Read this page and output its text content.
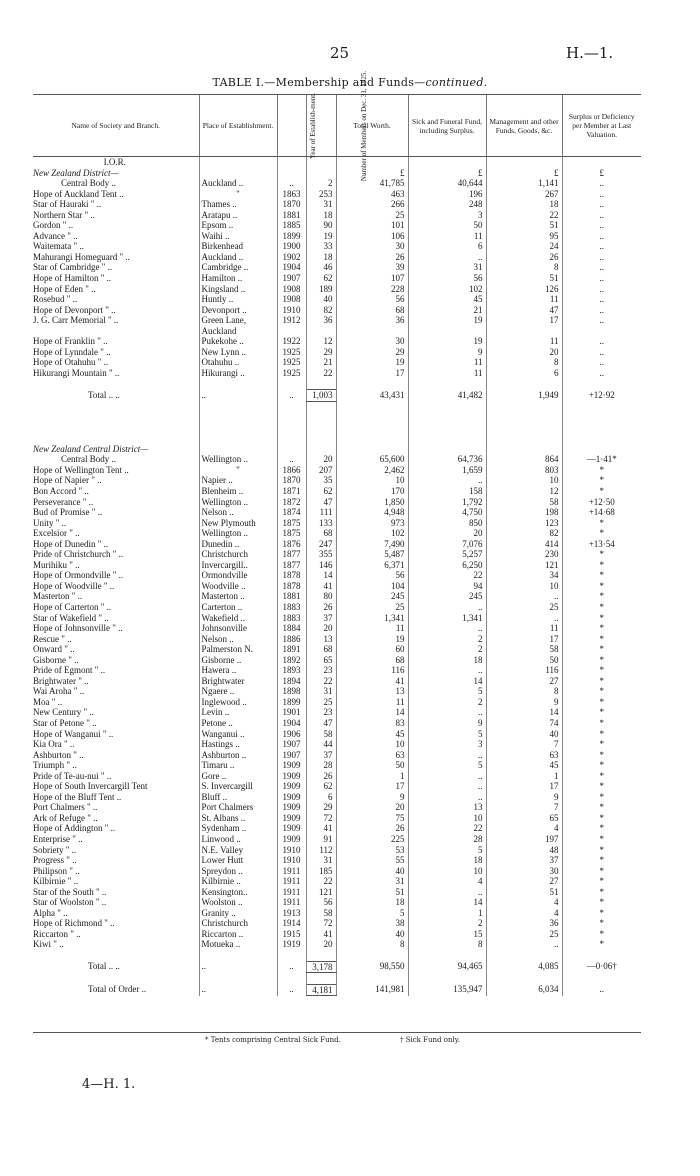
25	H.—1.
TABLE I.—Membership and Funds—continued.
Name of Society and Branch.	Place of Establishment.	Year of Establish-ment.	Number of Members on Dec. 31, 1925.	Total Worth.	Sick and Funeral Fund, including Surplus.	Management and other Funds, Goods, &c.	Surplus or Deficiency per Member at Last Valuation.
I.O.R.							
New Zealand District—				£	£	£	£
Central Body ..	Auckland ..	..	2	41,785	40,644	1,141	..
Hope of Auckland Tent ..	"	1863	253	463	196	267	..
Star of Hauraki " ..	Thames ..	1870	31	266	248	18	..
Northern Star " ..	Aratapu ..	1881	18	25	3	22	..
Gordon " ..	Epsom ..	1885	90	101	50	51	..
Advance " ..	Waihi ..	1899	19	106	11	95	..
Waitemata " ..	Birkenhead	1900	33	30	6	24	..
Mahurangi Homeguard " ..	Auckland ..	1902	18	26	..	26	..
Star of Cambridge " ..	Cambridge ..	1904	46	39	31	8	..
Hope of Hamilton " ..	Hamilton ..	1907	62	107	56	51	..
Hope of Eden " ..	Kingsland ..	1908	189	228	102	126	..
Rosebud " ..	Huntly ..	1908	40	56	45	11	..
Hope of Devonport " ..	Devonport ..	1910	82	68	21	47	..
J. G. Carr Memorial " ..	Green Lane,	1912	36	36	19	17	..
	Auckland						
Hope of Franklin " ..	Pukekohe ..	1922	12	30	19	11	..
Hope of Lynndale " ..	New Lynn ..	1925	29	29	9	20	..
Hope of Otahuhu " ..	Otahuhu ..	1925	21	19	11	8	..
Hikurangi Mountain " ..	Hikurangi ..	1925	22	17	11	6	..

Total .. ..	..	..	1,003	43,431	41,482	1,949	+12·92

New Zealand Central District—							
Central Body ..	Wellington ..	..	20	65,600	64,736	864	—1·41*
Hope of Wellington Tent ..	"	1866	207	2,462	1,659	803	*
Hope of Napier " ..	Napier ..	1870	35	10	..	10	*
Bon Accord " ..	Blenheim ..	1871	62	170	158	12	*
Perseverance " ..	Wellington ..	1872	47	1,850	1,792	58	+12·50
Bud of Promise " ..	Nelson ..	1874	111	4,948	4,750	198	+14·68
Unity " ..	New Plymouth	1875	133	973	850	123	*
Excelsior " ..	Wellington ..	1875	68	102	20	82	*
Hope of Dunedin " ..	Dunedin ..	1876	247	7,490	7,076	414	+13·54
Pride of Christchurch " ..	Christchurch	1877	355	5,487	5,257	230	*
Murihiku " ..	Invercargill..	1877	146	6,371	6,250	121	*
Hope of Ormondville " ..	Ormondville	1878	14	56	22	34	*
Hope of Woodville " ..	Woodville ..	1878	41	104	94	10	*
Masterton " ..	Masterton ..	1881	80	245	245	..	*
Hope of Carterton " ..	Carterton ..	1883	26	25	..	25	*
Star of Wakefield " ..	Wakefield ..	1883	37	1,341	1,341	..	*
Hope of Johnsonville " ..	Johnsonville	1884	20	11	..	11	*
Rescue " ..	Nelson ..	1886	13	19	2	17	*
Onward " ..	Palmerston N.	1891	68	60	2	58	*
Gisborne " ..	Gisborne ..	1892	65	68	18	50	*
Pride of Egmont " ..	Hawera ..	1893	23	116	..	116	*
Brightwater " ..	Brightwater	1894	22	41	14	27	*
Wai Aroha " ..	Ngaere ..	1898	31	13	5	8	*
Moa " ..	Inglewood ..	1899	25	11	2	9	*
New Century " ..	Levin ..	1901	23	14	..	14	*
Star of Petone " ..	Petone ..	1904	47	83	9	74	*
Hope of Wanganui " ..	Wanganui ..	1906	58	45	5	40	*
Kia Ora " ..	Hastings ..	1907	44	10	3	7	*
Ashburton " ..	Ashburton ..	1907	37	63	..	63	*
Triumph " ..	Timaru ..	1909	28	50	5	45	*
Pride of Te-au-nui " ..	Gore ..	1909	26	1	..	1	*
Hope of South Invercargill Tent	S. Invercargill	1909	62	17	..	17	*
Hope of the Bluff Tent ..	Bluff ..	1909	6	9	..	9	*
Port Chalmers " ..	Port Chalmers	1909	29	20	13	7	*
Ark of Refuge " ..	St. Albans ..	1909	72	75	10	65	*
Hope of Addington " ..	Sydenham ..	1909	41	26	22	4	*
Enterprise " ..	Linwood ..	1909	91	225	28	197	*
Sobriety " ..	N.E. Valley	1910	112	53	5	48	*
Progress " ..	Lower Hutt	1910	31	55	18	37	*
Philipson " ..	Spreydon ..	1911	185	40	10	30	*
Kilbirnie " ..	Kilbirnie ..	1911	22	31	4	27	*
Star of the South " ..	Kensington..	1911	121	51	..	51	*
Star of Woolston " ..	Woolston ..	1911	56	18	14	4	*
Alpha " ..	Granity ..	1913	58	5	1	4	*
Hope of Richmond " ..	Christchurch	1914	72	38	2	36	*
Riccarton " ..	Riccarton ..	1915	41	40	15	25	*
Kiwi " ..	Motueka ..	1919	20	8	8	..	*

Total .. ..	..	..	3,178	98,550	94,465	4,085	—0·06†

Total of Order ..	..	..	4,181	141,981	135,947	6,034	..
* Tents comprising Central Sick Fund.	† Sick Fund only.
4—H. 1.
